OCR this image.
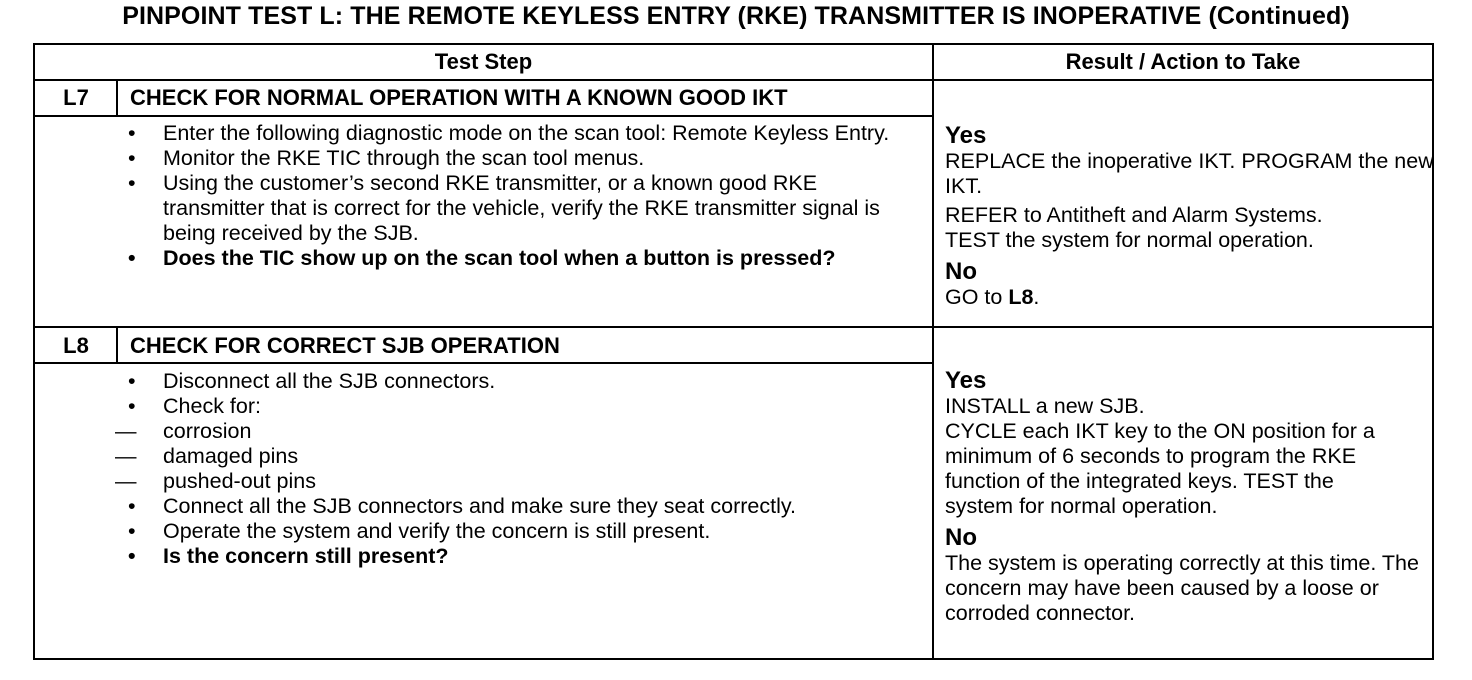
PINPOINT TEST L: THE REMOTE KEYLESS ENTRY (RKE) TRANSMITTER IS INOPERATIVE (Continued)
Test Step	Result / Action to Take
L7	CHECK FOR NORMAL OPERATION WITH A KNOWN GOOD IKT
• Enter the following diagnostic mode on the scan tool: Remote Keyless Entry.
• Monitor the RKE TIC through the scan tool menus.
• Using the customer’s second RKE transmitter, or a known good RKE transmitter that is correct for the vehicle, verify the RKE transmitter signal is being received by the SJB.
• Does the TIC show up on the scan tool when a button is pressed?
Yes

REPLACE the inoperative IKT. PROGRAM the new IKT.

REFER to Antitheft and Alarm Systems.

TEST the system for normal operation.

No

GO to L8.

L8	CHECK FOR CORRECT SJB OPERATION
• Disconnect all the SJB connectors.
• Check for:
— corrosion
— damaged pins
— pushed-out pins
• Connect all the SJB connectors and make sure they seat correctly.
• Operate the system and verify the concern is still present.
• Is the concern still present?
Yes

INSTALL a new SJB.

CYCLE each IKT key to the ON position for a minimum of 6 seconds to program the RKE function of the integrated keys. TEST the system for normal operation.

No

The system is operating correctly at this time. The concern may have been caused by a loose or corroded connector.
